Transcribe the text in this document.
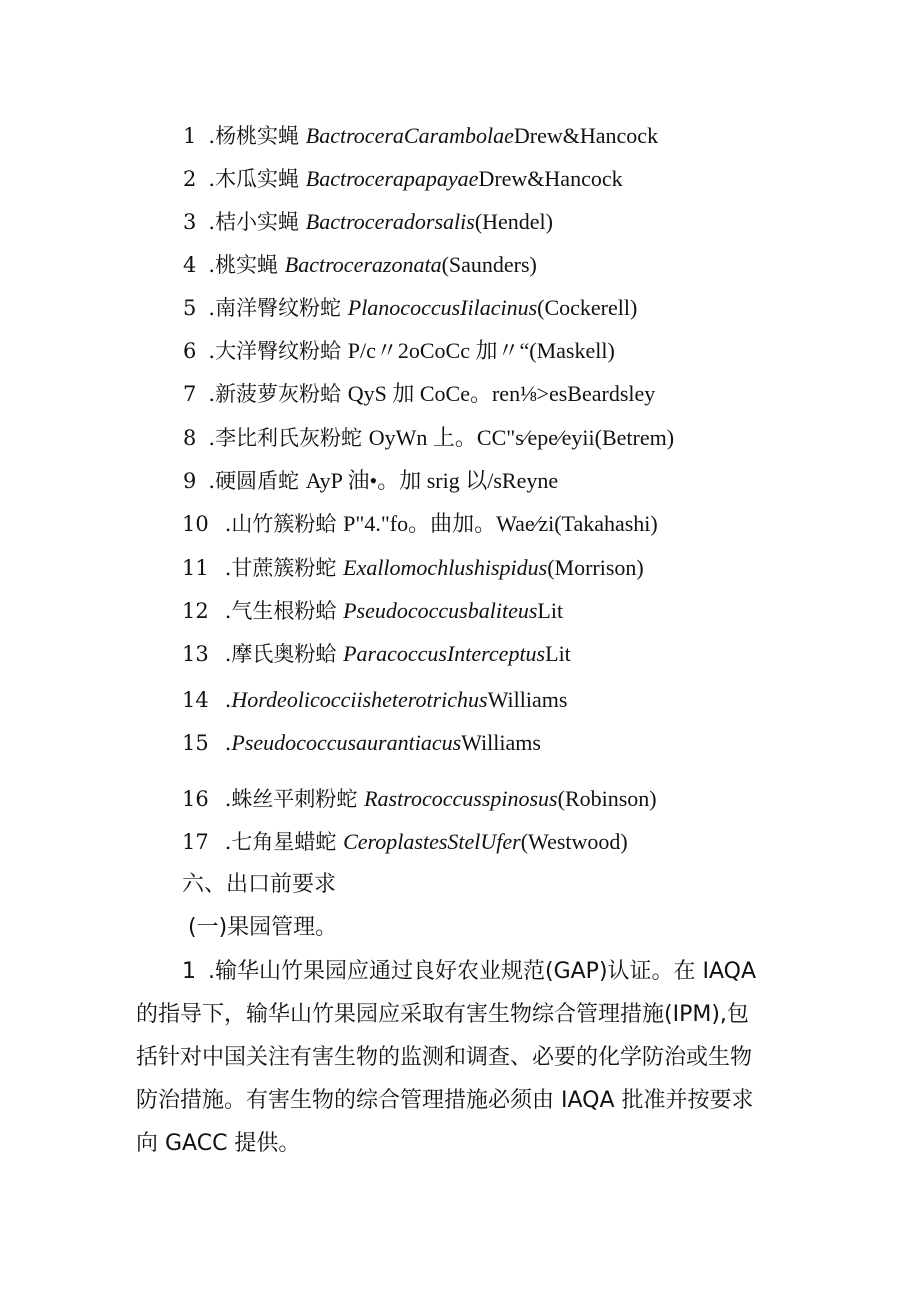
1 .杨桃实蝇 BactroceraCarambolaeDrew&Hancock
2 .木瓜实蝇 BactrocerapapayaeDrew&Hancock
3 .桔小实蝇 Bactroceradorsalis(Hendel)
4 .桃实蝇 Bactrocerazonata(Saunders)
5 .南洋臀纹粉蛇 PlanococcusIilacinus(Cockerell)
6 .大洋臀纹粉蛤 P/c〃2oCoCc 加〃“(Maskell)
7 .新菠萝灰粉蛤 QyS 加 CoCe。ren⅛>esBeardsley
8 .李比利氏灰粉蛇 OyWn 上。CC"s⁄epe⁄eyii(Betrem)
9 .硬圆盾蛇 AyP 油•。加 srig 以/sReyne
10 .山竹簇粉蛤 P"4."fo。曲加。Wae⁄zi(Takahashi)
11 .甘蔗簇粉蛇 Exallomochlushispidus(Morrison)
12 .气生根粉蛤 PseudococcusbaliteusLit
13 .摩氏奥粉蛤 ParacoccusInterceptusLit
14 .HordeolicocciisheterotrichusWilliams
15 .PseudococcusaurantiacusWilliams
16 .蛛丝平刺粉蛇 Rastrococcusspinosus(Robinson)
17 .七角星蜡蛇 CeroplastesStelUfer(Westwood)
六、出口前要求
(一)果园管理。
1 .输华山竹果园应通过良好农业规范(GAP)认证。在 IAQA
的指导下，输华山竹果园应采取有害生物综合管理措施(IPM),包
括针对中国关注有害生物的监测和调查、必要的化学防治或生物
防治措施。有害生物的综合管理措施必须由 IAQA 批准并按要求
向 GACC 提供。
